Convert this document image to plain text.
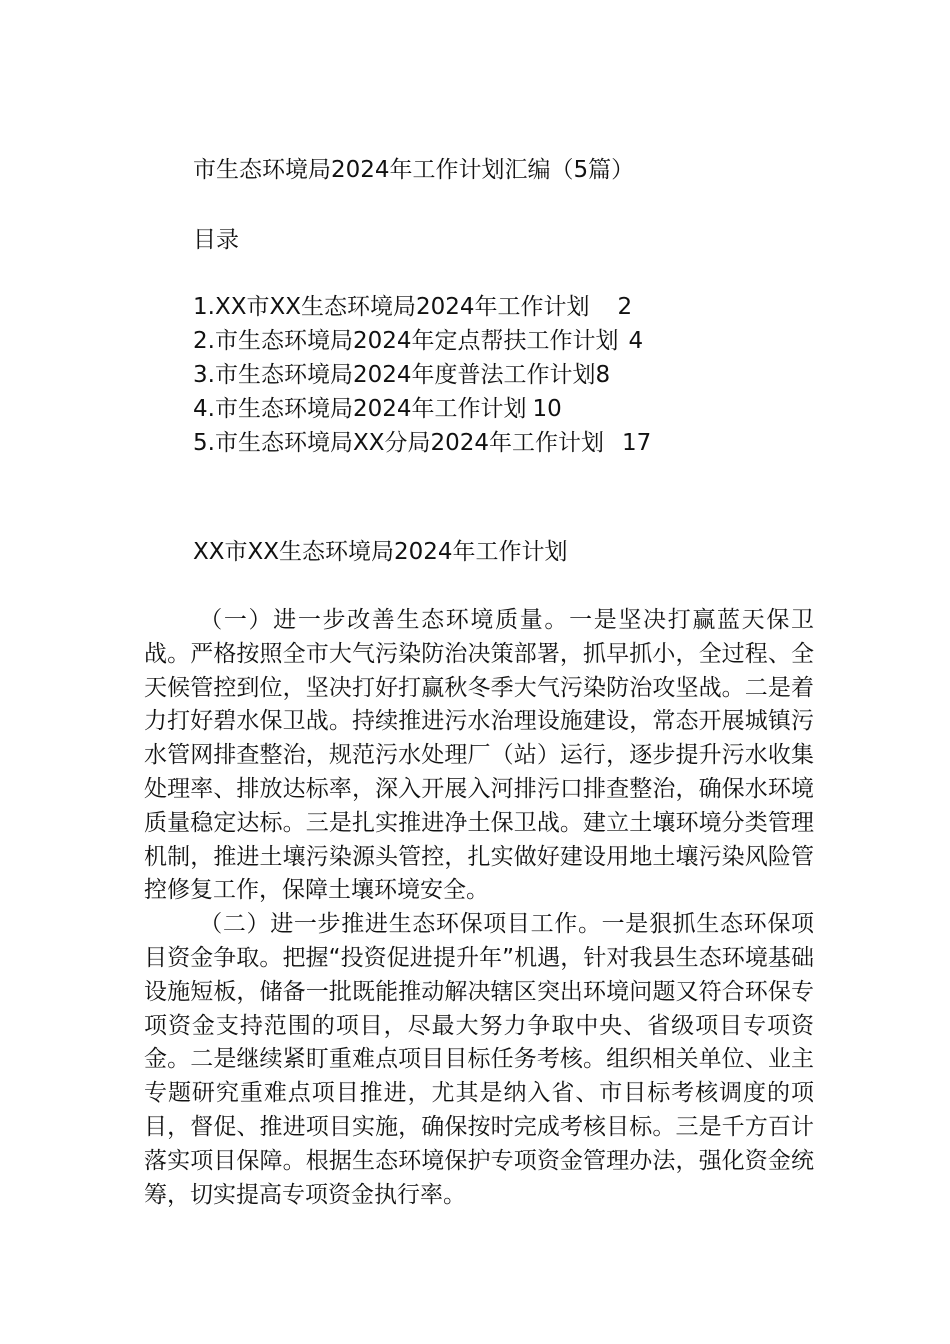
市生态环境局2024年工作计划汇编（5篇）
目录
1.XX市XX生态环境局2024年工作计划 2
2.市生态环境局2024年定点帮扶工作计划 4
3.市生态环境局2024年度普法工作计划8
4.市生态环境局2024年工作计划 10
5.市生态环境局XX分局2024年工作计划 17
XX市XX生态环境局2024年工作计划

（一）进一步改善生态环境质量。一是坚决打赢蓝天保卫战。严格按照全市大气污染防治决策部署，抓早抓小，全过程、全天候管控到位，坚决打好打赢秋冬季大气污染防治攻坚战。二是着力打好碧水保卫战。持续推进污水治理设施建设，常态开展城镇污水管网排查整治，规范污水处理厂（站）运行，逐步提升污水收集处理率、排放达标率，深入开展入河排污口排查整治，确保水环境质量稳定达标。三是扎实推进净土保卫战。建立土壤环境分类管理机制，推进土壤污染源头管控，扎实做好建设用地土壤污染风险管控修复工作，保障土壤环境安全。

（二）进一步推进生态环保项目工作。一是狠抓生态环保项目资金争取。把握“投资促进提升年”机遇，针对我县生态环境基础设施短板，储备一批既能推动解决辖区突出环境问题又符合环保专项资金支持范围的项目，尽最大努力争取中央、省级项目专项资金。二是继续紧盯重难点项目目标任务考核。组织相关单位、业主专题研究重难点项目推进，尤其是纳入省、市目标考核调度的项目，督促、推进项目实施，确保按时完成考核目标。三是千方百计落实项目保障。根据生态环境保护专项资金管理办法，强化资金统筹，切实提高专项资金执行率。
